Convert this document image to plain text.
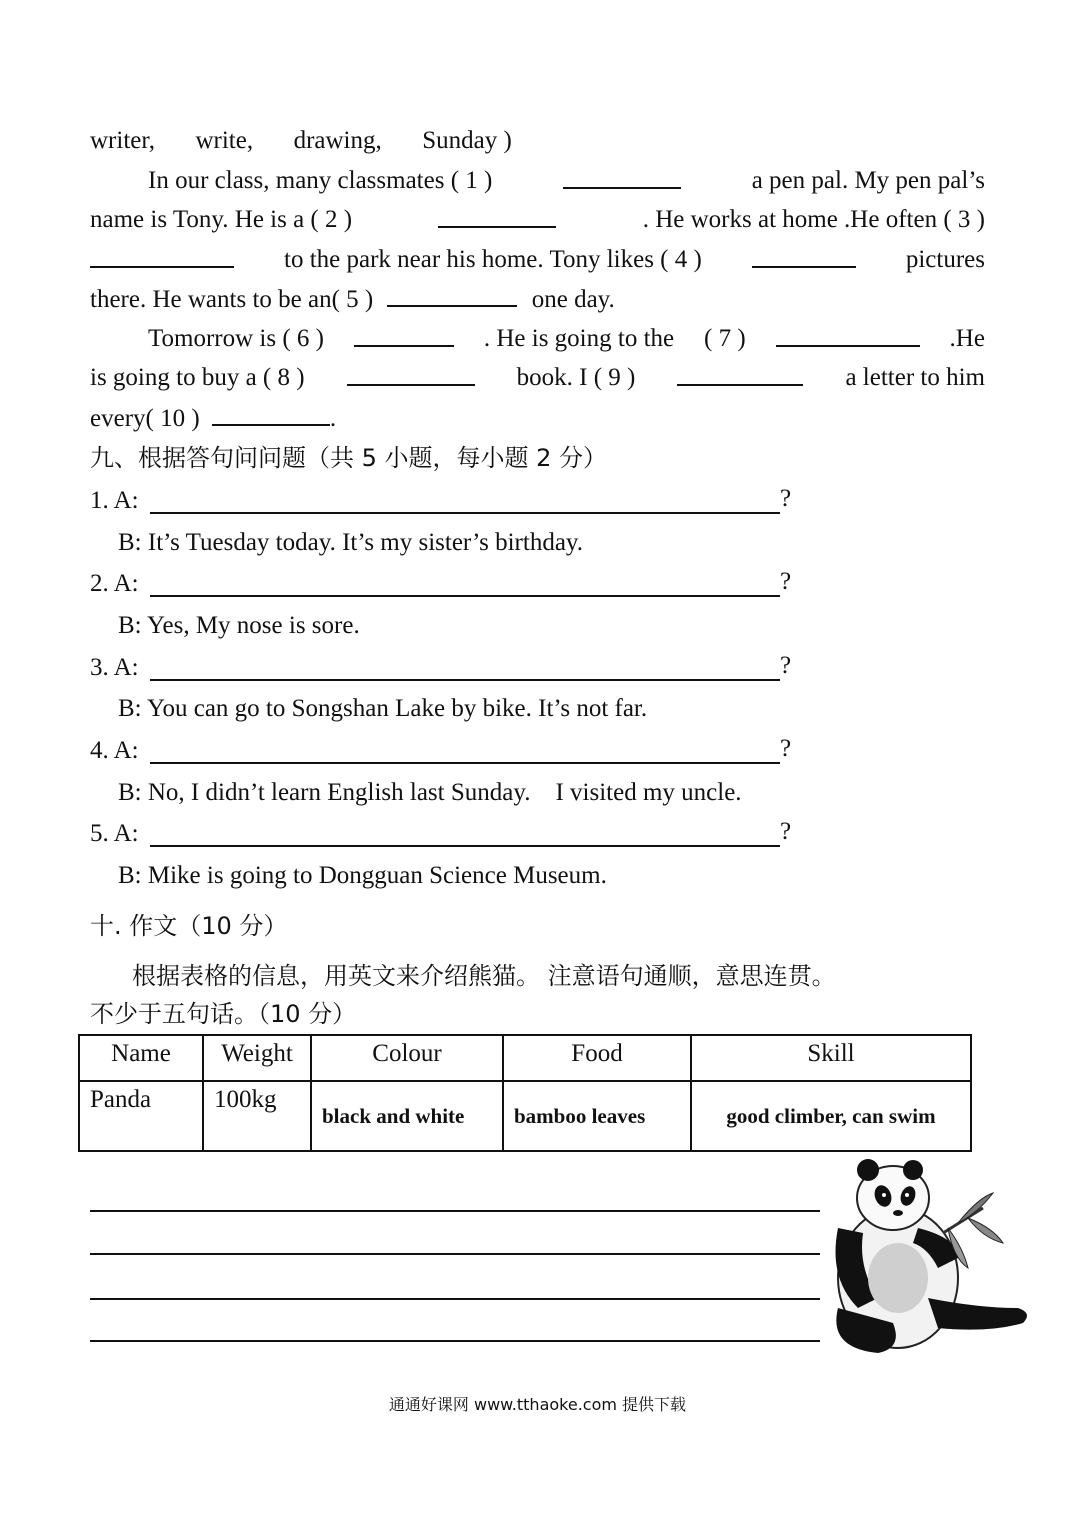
writer, write, drawing, Sunday )
In our class, many classmates ( 1 )	a pen pal. My pen pal’s
name is Tony. He is a ( 2 )	. He works at home .He often ( 3 )
to the park near his home. Tony likes ( 4 )	pictures
there. He wants to be an( 5 )	one day.
Tomorrow is ( 6 )	. He is going to the ( 7 )	.He
is going to buy a ( 8 )	book. I ( 9 )	a letter to him
every( 10 )	.
九、根据答句问问题（共 5 小题，每小题 2 分）
1. A:	?
B: It’s Tuesday today. It’s my sister’s birthday.
2. A:	?
B: Yes, My nose is sore.
3. A:	?
B: You can go to Songshan Lake by bike. It’s not far.
4. A:	?
B: No, I didn’t learn English last Sunday.    I visited my uncle.
5. A:	?
B: Mike is going to Dongguan Science Museum.
十. 作文（10 分）
根据表格的信息，用英文来介绍熊猫。 注意语句通顺，意思连贯。
不少于五句话。（10 分）
Name	Weight	Colour	Food	Skill
Panda	100kg	black and white	bamboo leaves	good climber, can swim
通通好课网 www.tthaoke.com 提供下载
